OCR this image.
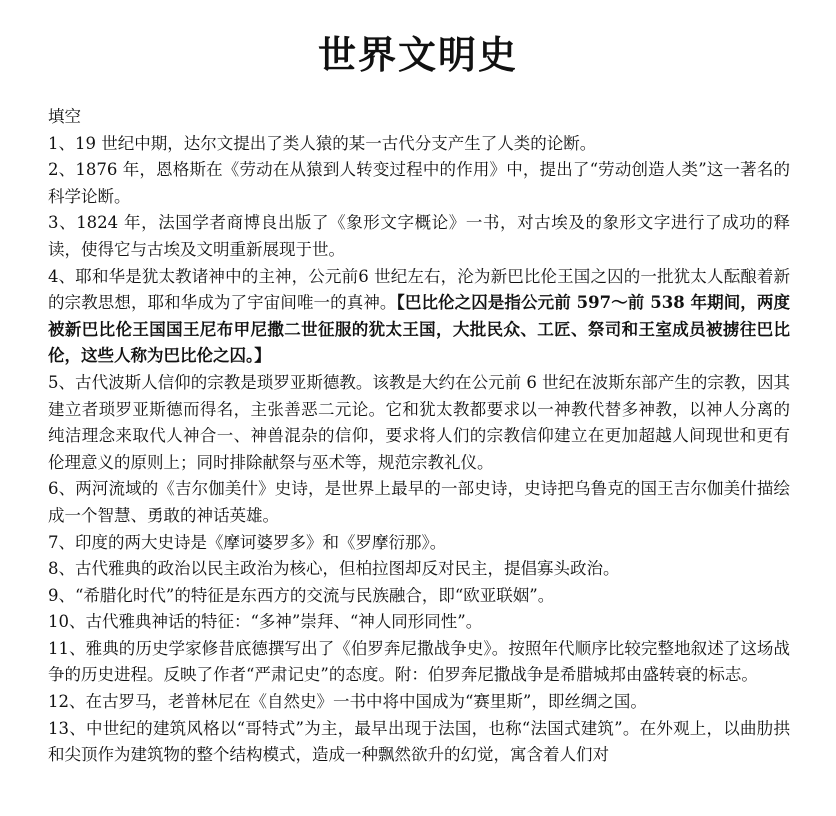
世界文明史
填空

1、19 世纪中期，达尔文提出了类人猿的某一古代分支产生了人类的论断。

2、1876 年，恩格斯在《劳动在从猿到人转变过程中的作用》中，提出了“劳动创造人类”这一著名的科学论断。

3、1824 年，法国学者商博良出版了《象形文字概论》一书，对古埃及的象形文字进行了成功的释读，使得它与古埃及文明重新展现于世。

4、耶和华是犹太教诸神中的主神，公元前6 世纪左右，沦为新巴比伦王国之囚的一批犹太人酝酿着新的宗教思想，耶和华成为了宇宙间唯一的真神。【巴比伦之囚是指公元前 597～前 538 年期间，两度被新巴比伦王国国王尼布甲尼撒二世征服的犹太王国，大批民众、工匠、祭司和王室成员被掳往巴比伦，这些人称为巴比伦之囚。】

5、古代波斯人信仰的宗教是琐罗亚斯德教。该教是大约在公元前 6 世纪在波斯东部产生的宗教，因其建立者琐罗亚斯德而得名，主张善恶二元论。它和犹太教都要求以一神教代替多神教，以神人分离的纯洁理念来取代人神合一、神兽混杂的信仰，要求将人们的宗教信仰建立在更加超越人间现世和更有伦理意义的原则上；同时排除献祭与巫术等，规范宗教礼仪。

6、两河流域的《吉尔伽美什》史诗，是世界上最早的一部史诗，史诗把乌鲁克的国王吉尔伽美什描绘成一个智慧、勇敢的神话英雄。

7、印度的两大史诗是《摩诃婆罗多》和《罗摩衍那》。

8、古代雅典的政治以民主政治为核心，但柏拉图却反对民主，提倡寡头政治。

9、“希腊化时代”的特征是东西方的交流与民族融合，即“欧亚联姻”。

10、古代雅典神话的特征：“多神”崇拜、“神人同形同性”。

11、雅典的历史学家修昔底德撰写出了《伯罗奔尼撒战争史》。按照年代顺序比较完整地叙述了这场战争的历史进程。反映了作者“严肃记史”的态度。附：伯罗奔尼撒战争是希腊城邦由盛转衰的标志。

12、在古罗马，老普林尼在《自然史》一书中将中国成为“赛里斯”，即丝绸之国。

13、中世纪的建筑风格以“哥特式”为主，最早出现于法国，也称“法国式建筑”。在外观上，以曲肋拱和尖顶作为建筑物的整个结构模式，造成一种飘然欲升的幻觉，寓含着人们对
